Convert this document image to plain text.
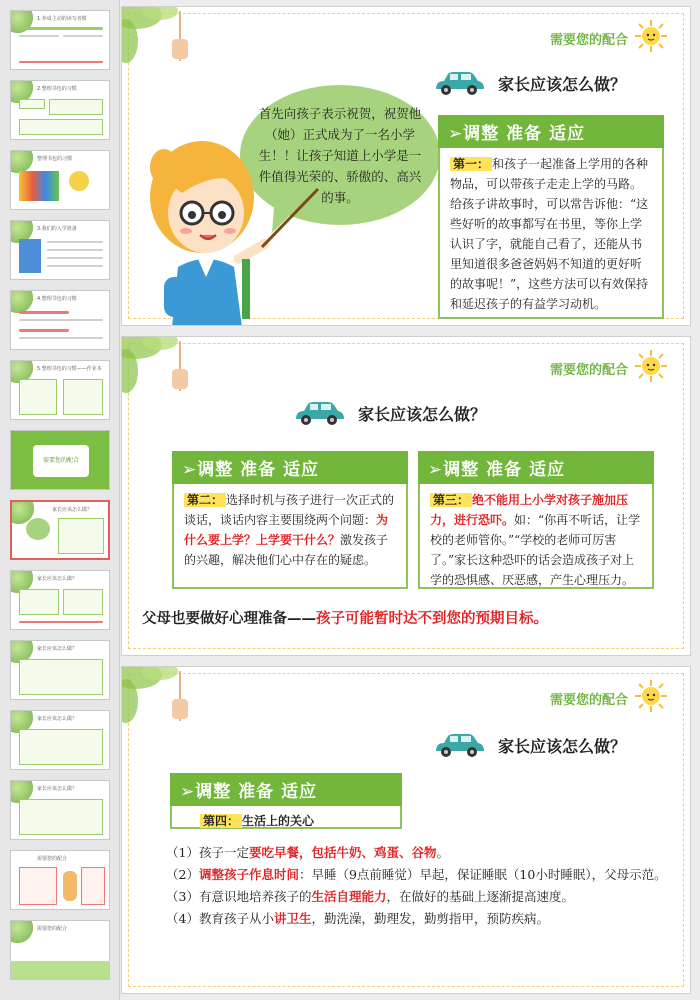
1.养成主动的读写者惯
2.整理书包的习惯
整理书包的习惯
3.我们的入学准备
4.整理书包的习惯
5.整理书包的习惯——作业本
需要您的配合
家长应该怎么做？
家长应该怎么做？
家长应该怎么做？
家长应该怎么做？
家长应该怎么做？
需要您的配合
需要您的配合
需要您的配合
家长应该怎么做？
首先向孩子表示祝贺，祝贺他（她）正式成为了一名小学生！！让孩子知道上小学是一件值得光荣的、骄傲的、高兴的事。
➢调整 准备 适应
第一： 和孩子一起准备上学用的各种物品，可以带孩子走走上学的马路。给孩子讲故事时，可以常告诉他：“这些好听的故事都写在书里，等你上学认识了字，就能自己看了，还能从书里知道很多爸爸妈妈不知道的更好听的故事呢！”，这些方法可以有效保持和延迟孩子的有益学习动机。
需要您的配合
家长应该怎么做？
➢调整 准备 适应
第二： 选择时机与孩子进行一次正式的谈话，谈话内容主要围绕两个问题：为什么要上学？上学要干什么？激发孩子的兴趣，解决他们心中存在的疑虑。
➢调整 准备 适应
第三： 绝不能用上小学对孩子施加压力，进行恐吓。如：“你再不听话，让学校的老师管你。”“学校的老师可厉害了。”家长这种恐吓的话会造成孩子对上学的恐惧感、厌恶感，产生心理压力。
父母也要做好心理准备——孩子可能暂时达不到您的预期目标。
需要您的配合
家长应该怎么做？
➢调整 准备 适应
第四： 生活上的关心

（1）孩子一定要吃早餐，包括牛奶、鸡蛋、谷物。

（2）调整孩子作息时间：早睡（9点前睡觉）早起，保证睡眠（10小时睡眠），父母示范。

（3）有意识地培养孩子的生活自理能力，在做好的基础上逐渐提高速度。

（4）教育孩子从小讲卫生，勤洗澡，勤理发，勤剪指甲，预防疾病。
